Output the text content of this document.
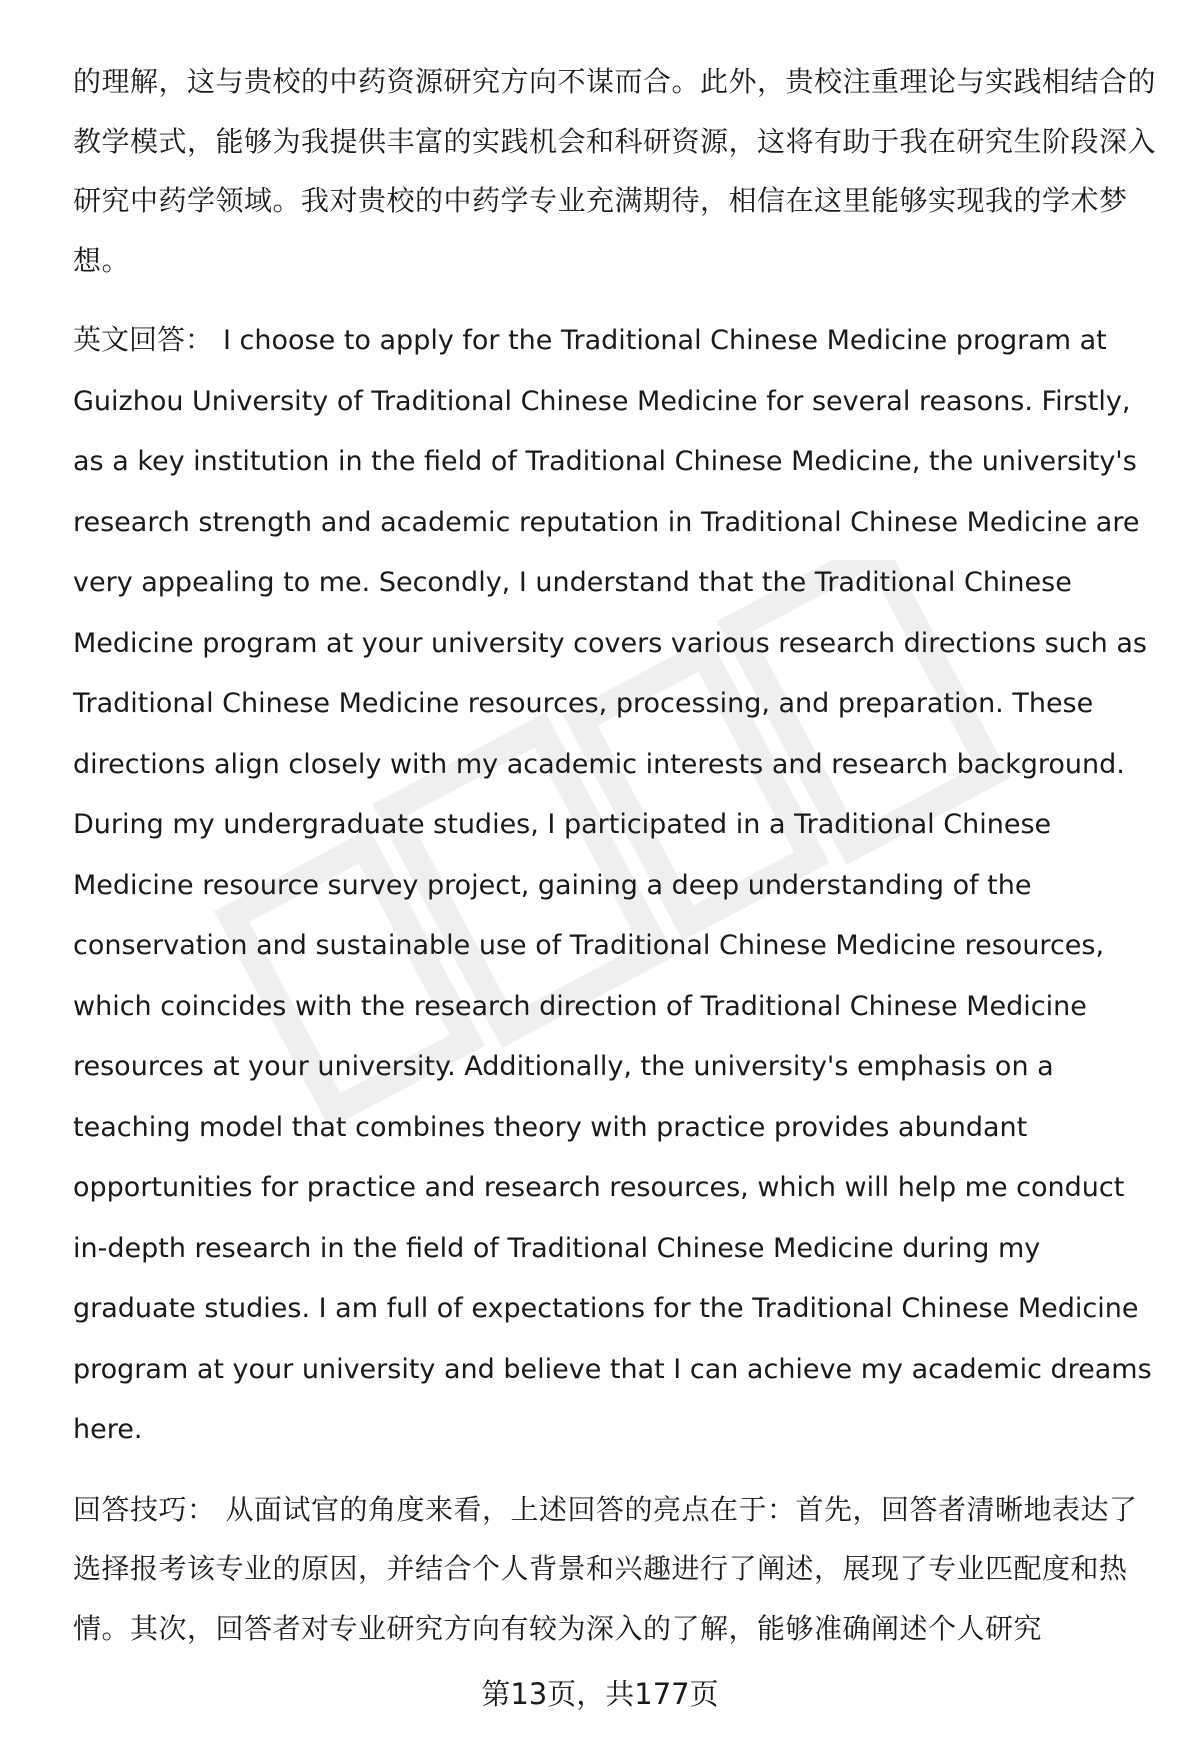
的理解，这与贵校的中药资源研究方向不谋而合。此外，贵校注重理论与实践相结合的教学模式，能够为我提供丰富的实践机会和科研资源，这将有助于我在研究生阶段深入研究中药学领域。我对贵校的中药学专业充满期待，相信在这里能够实现我的学术梦想。

英文回答： I choose to apply for the Traditional Chinese Medicine program at Guizhou University of Traditional Chinese Medicine for several reasons. Firstly, as a key institution in the field of Traditional Chinese Medicine, the university's research strength and academic reputation in Traditional Chinese Medicine are very appealing to me. Secondly, I understand that the Traditional Chinese Medicine program at your university covers various research directions such as Traditional Chinese Medicine resources, processing, and preparation. These directions align closely with my academic interests and research background. During my undergraduate studies, I participated in a Traditional Chinese Medicine resource survey project, gaining a deep understanding of the conservation and sustainable use of Traditional Chinese Medicine resources, which coincides with the research direction of Traditional Chinese Medicine resources at your university. Additionally, the university's emphasis on a teaching model that combines theory with practice provides abundant opportunities for practice and research resources, which will help me conduct in-depth research in the field of Traditional Chinese Medicine during my graduate studies. I am full of expectations for the Traditional Chinese Medicine program at your university and believe that I can achieve my academic dreams here.

回答技巧： 从面试官的角度来看，上述回答的亮点在于：首先，回答者清晰地表达了选择报考该专业的原因，并结合个人背景和兴趣进行了阐述，展现了专业匹配度和热情。其次，回答者对专业研究方向有较为深入的了解，能够准确阐述个人研究

第13页，共177页
